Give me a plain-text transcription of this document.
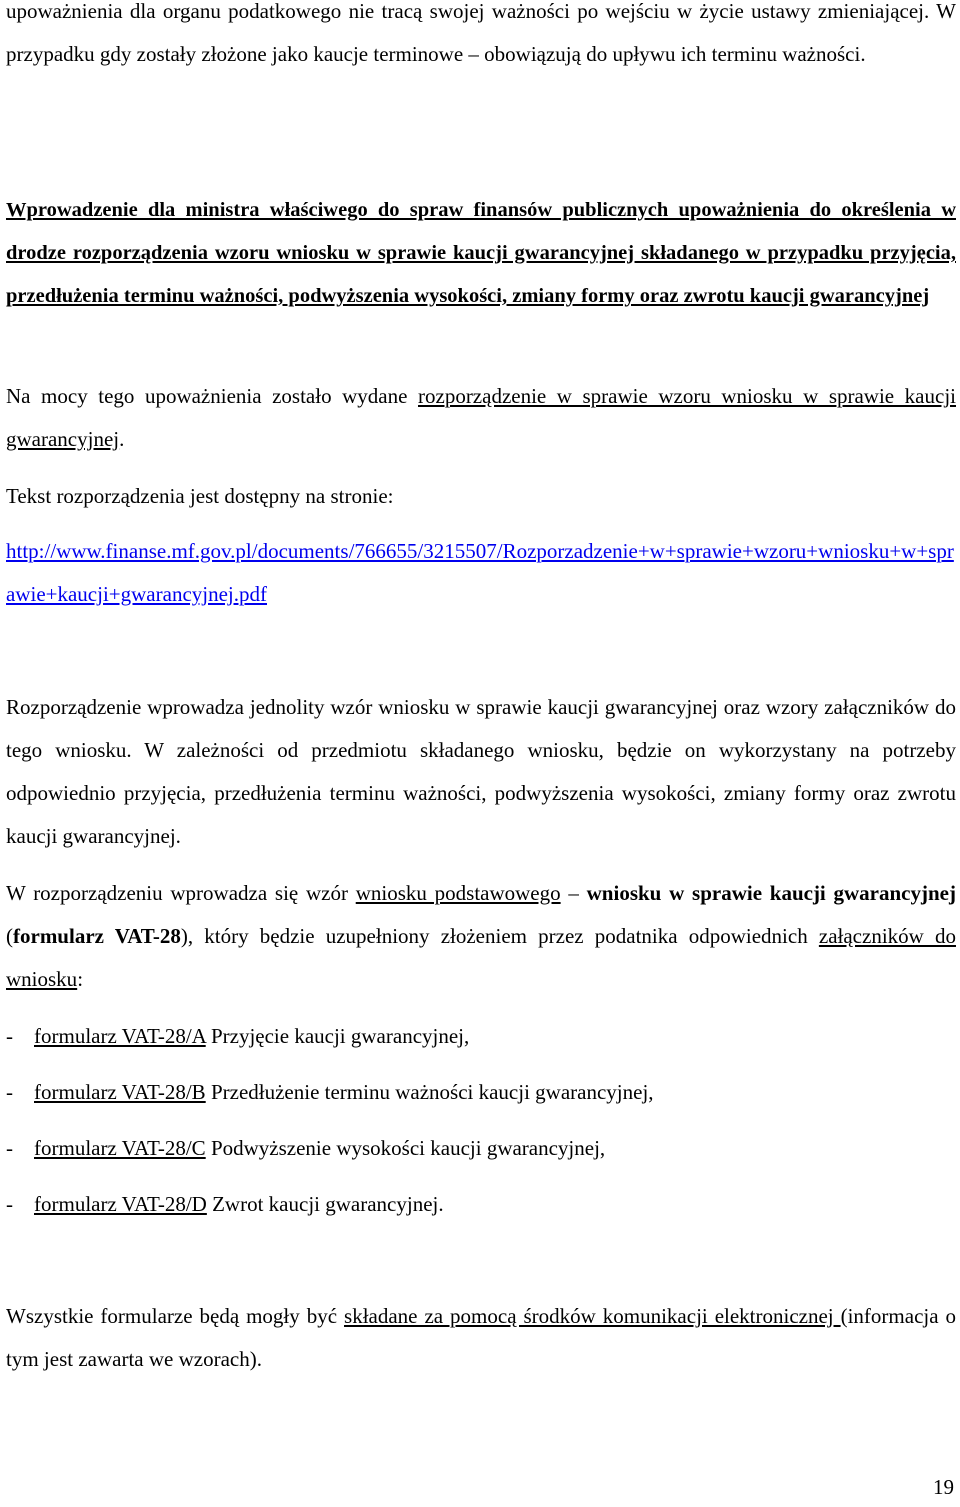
upoważnienia dla organu podatkowego nie tracą swojej ważności po wejściu w życie ustawy zmieniającej. W przypadku gdy zostały złożone jako kaucje terminowe – obowiązują do upływu ich terminu ważności.

Wprowadzenie dla ministra właściwego do spraw finansów publicznych upoważnienia do określenia w drodze rozporządzenia wzoru wniosku w sprawie kaucji gwarancyjnej składanego w przypadku przyjęcia, przedłużenia terminu ważności, podwyższenia wysokości, zmiany formy oraz zwrotu kaucji gwarancyjnej

Na mocy tego upoważnienia zostało wydane rozporządzenie w sprawie wzoru wniosku w sprawie kaucji gwarancyjnej.

Tekst rozporządzenia jest dostępny na stronie:

http://www.finanse.mf.gov.pl/documents/766655/3215507/Rozporzadzenie+w+sprawie+wzoru+wniosku+w+sprawie+kaucji+gwarancyjnej.pdf

Rozporządzenie wprowadza jednolity wzór wniosku w sprawie kaucji gwarancyjnej oraz wzory załączników do tego wniosku. W zależności od przedmiotu składanego wniosku, będzie on wykorzystany na potrzeby odpowiednio przyjęcia, przedłużenia terminu ważności, podwyższenia wysokości, zmiany formy oraz zwrotu kaucji gwarancyjnej.

W rozporządzeniu wprowadza się wzór wniosku podstawowego – wniosku w sprawie kaucji gwarancyjnej (formularz VAT-28), który będzie uzupełniony złożeniem przez podatnika odpowiednich załączników do wniosku:

- formularz VAT-28/A Przyjęcie kaucji gwarancyjnej,

- formularz VAT-28/B Przedłużenie terminu ważności kaucji gwarancyjnej,

- formularz VAT-28/C Podwyższenie wysokości kaucji gwarancyjnej,

- formularz VAT-28/D Zwrot kaucji gwarancyjnej.

Wszystkie formularze będą mogły być składane za pomocą środków komunikacji elektronicznej (informacja o tym jest zawarta we wzorach).

19
